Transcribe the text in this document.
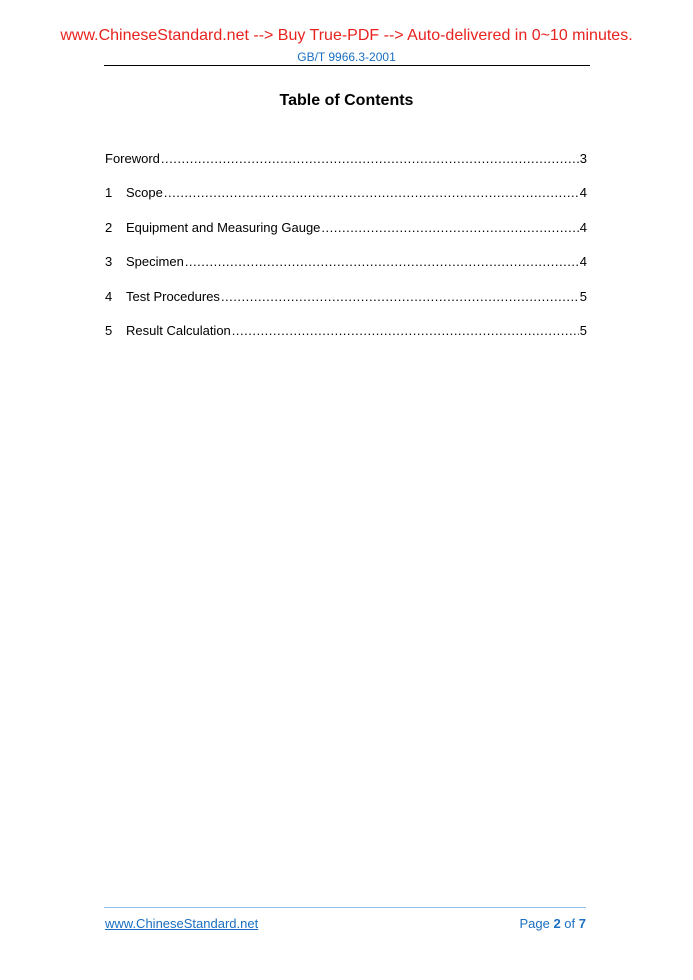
www.ChineseStandard.net --> Buy True-PDF --> Auto-delivered in 0~10 minutes.
GB/T 9966.3-2001
Table of Contents
Foreword .....	3
1	Scope .....	4
2	Equipment and Measuring Gauge .....	4
3	Specimen .....	4
4	Test Procedures .....	5
5	Result Calculation .....	5
www.ChineseStandard.net	Page 2 of 7
